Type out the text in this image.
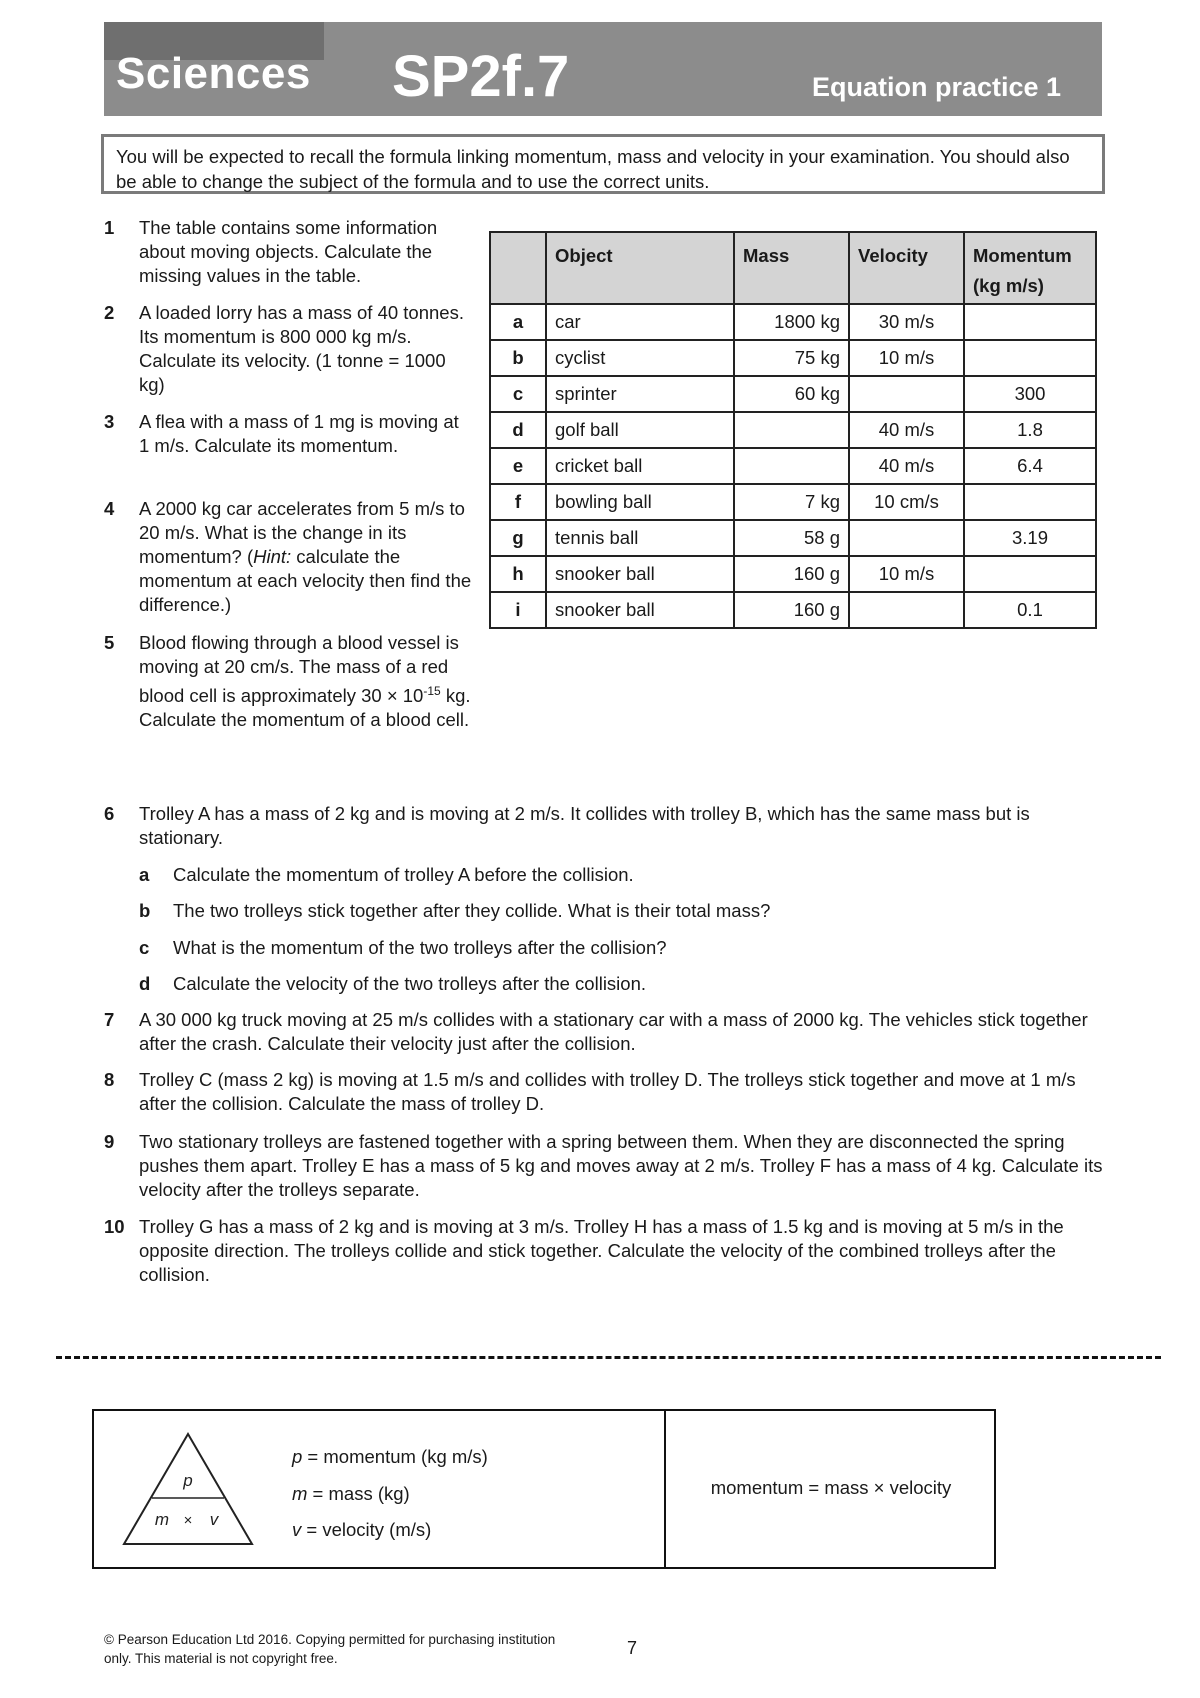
Sciences SP2f.7	Equation practice 1
You will be expected to recall the formula linking momentum, mass and velocity in your examination. You should also be able to change the subject of the formula and to use the correct units.
1 The table contains some information about moving objects. Calculate the missing values in the table.
2 A loaded lorry has a mass of 40 tonnes. Its momentum is 800 000 kg m/s. Calculate its velocity. (1 tonne = 1000 kg)
3 A flea with a mass of 1 mg is moving at 1 m/s. Calculate its momentum.
4 A 2000 kg car accelerates from 5 m/s to 20 m/s. What is the change in its momentum? (Hint: calculate the momentum at each velocity then find the difference.)
5 Blood flowing through a blood vessel is moving at 20 cm/s. The mass of a red blood cell is approximately $30 \times 10^{-15}$ kg. Calculate the momentum of a blood cell.
	Object	Mass	Velocity	Momentum (kg m/s)
a	car	1800 kg	30 m/s	
b	cyclist	75 kg	10 m/s	
c	sprinter	60 kg		300
d	golf ball		40 m/s	1.8
e	cricket ball		40 m/s	6.4
f	bowling ball	7 kg	10 cm/s	
g	tennis ball	58 g		3.19
h	snooker ball	160 g	10 m/s	
i	snooker ball	160 g		0.1
6 Trolley A has a mass of 2 kg and is moving at 2 m/s. It collides with trolley B, which has the same mass but is stationary.
a Calculate the momentum of trolley A before the collision.
b The two trolleys stick together after they collide. What is their total mass?
c What is the momentum of the two trolleys after the collision?
d Calculate the velocity of the two trolleys after the collision.
7 A 30 000 kg truck moving at 25 m/s collides with a stationary car with a mass of 2000 kg. The vehicles stick together after the crash. Calculate their velocity just after the collision.
8 Trolley C (mass 2 kg) is moving at 1.5 m/s and collides with trolley D. The trolleys stick together and move at 1 m/s after the collision. Calculate the mass of trolley D.
9 Two stationary trolleys are fastened together with a spring between them. When they are disconnected the spring pushes them apart. Trolley E has a mass of 5 kg and moves away at 2 m/s. Trolley F has a mass of 4 kg. Calculate its velocity after the trolleys separate.
10 Trolley G has a mass of 2 kg and is moving at 3 m/s. Trolley H has a mass of 1.5 kg and is moving at 5 m/s in the opposite direction. The trolleys collide and stick together. Calculate the velocity of the combined trolleys after the collision.
p
m × v
p = momentum (kg m/s)
m = mass (kg)
v = velocity (m/s)
momentum = mass × velocity
© Pearson Education Ltd 2016. Copying permitted for purchasing institution only. This material is not copyright free.
7
